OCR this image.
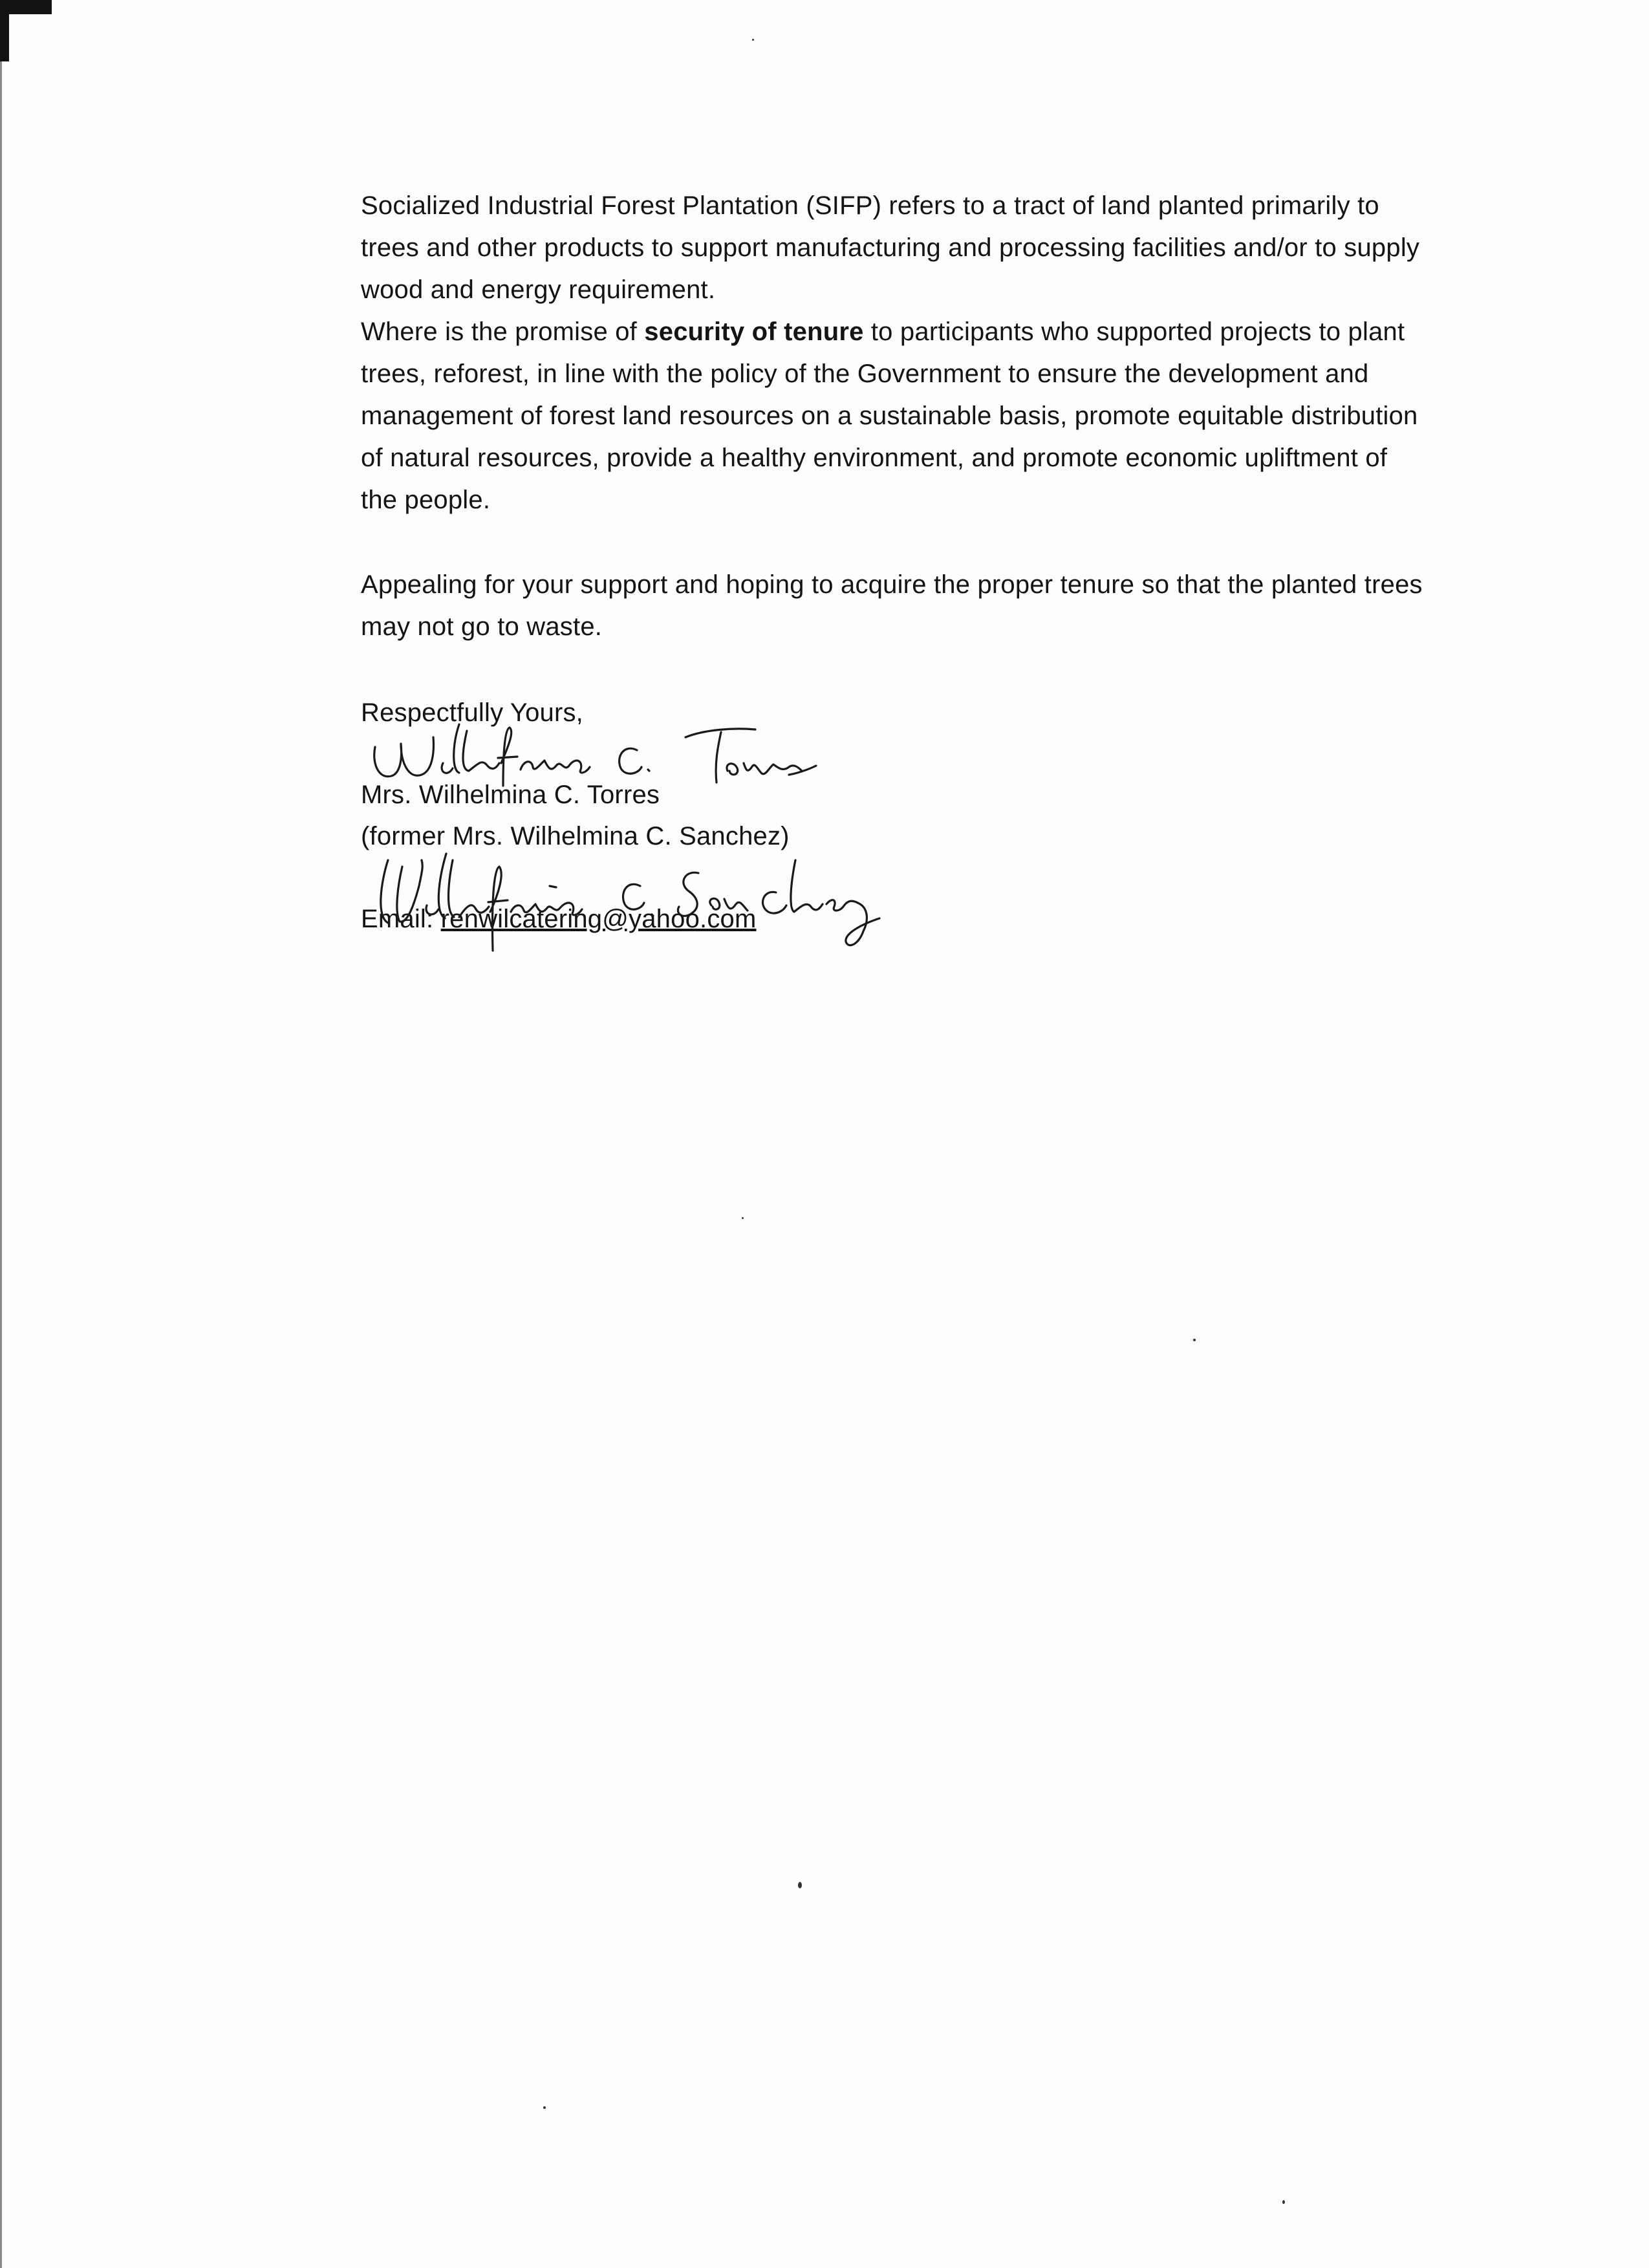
Socialized Industrial Forest Plantation (SIFP) refers to a tract of land planted primarily to
trees and other products to support manufacturing and processing facilities and/or to supply
wood and energy requirement.
Where is the promise of security of tenure to participants who supported projects to plant
trees, reforest, in line with the policy of the Government to ensure the development and
management of forest land resources on a sustainable basis, promote equitable distribution
of natural resources, provide a healthy environment, and promote economic upliftment of
the people.
Appealing for your support and hoping to acquire the proper tenure so that the planted trees
may not go to waste.
Respectfully Yours,
Mrs. Wilhelmina C. Torres
(former Mrs. Wilhelmina C. Sanchez)
Email: renwilcatering@yahoo.com
